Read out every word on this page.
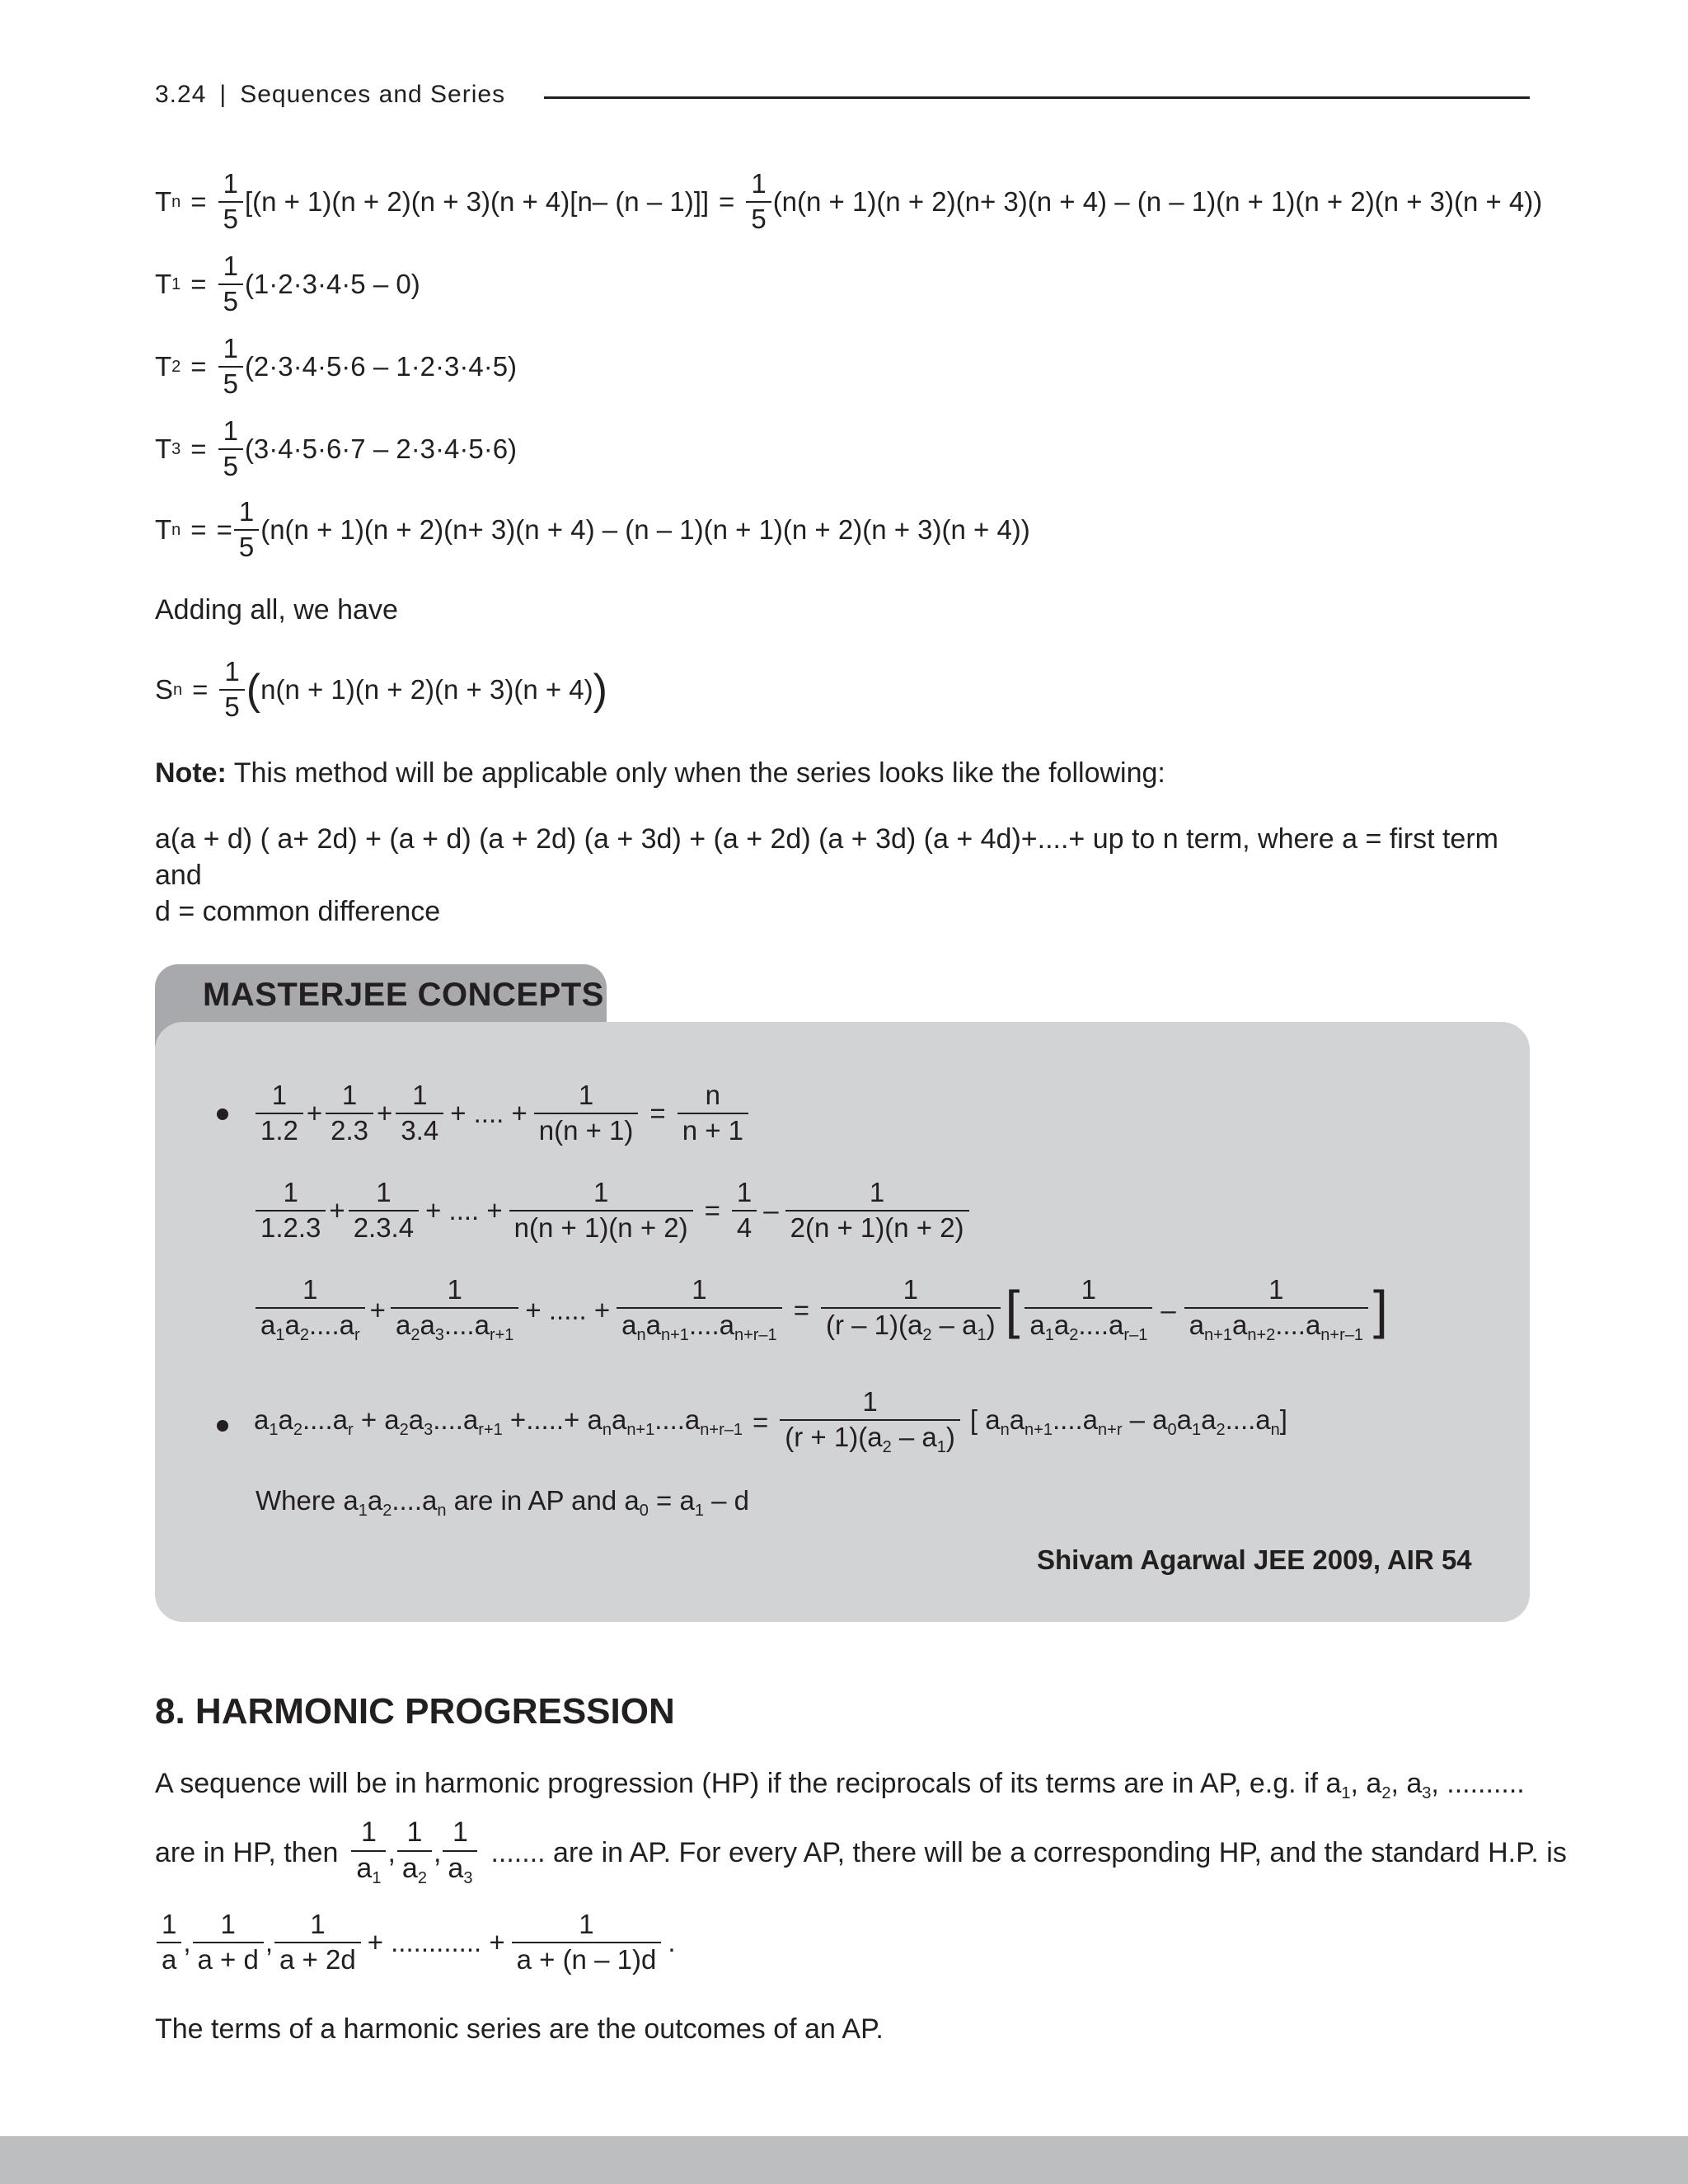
3.24 | Sequences and Series
T $n = \frac{1}{5} [(n + 1)(n + 2)(n + 3)(n + 4)[n-$ $(n - 1)]] = \frac{1}{5} (n(n + 1)(n + 2)(n+ 3)(n + 4) - (n - 1)(n + 1)(n + 2)(n + 3)(n + 4))$
T $1 = \frac{1}{5} (1\cdot 2\cdot 3\cdot 4\cdot 5 - 0)$
T $2 = \frac{1}{5} (2\cdot 3\cdot 4\cdot 5\cdot 6 - 1\cdot 2\cdot 3\cdot 4\cdot 5)$
T $3 = \frac{1}{5} (3\cdot 4\cdot 5\cdot 6\cdot 7 - 2\cdot 3\cdot 4\cdot 5\cdot 6)$
T n = = $\frac{1}{5} (n(n + 1)(n + 2)(n+ 3)(n + 4) - (n - 1)(n + 1)(n + 2)(n + 3)(n + 4))$
Adding all, we have
S $n = \frac{1}{5}$ ( n(n + 1)(n + 2)(n + 3)(n + 4) )
Note: This method will be applicable only when the series looks like the following:
a(a + d) ( a+ 2d) + (a + d) (a + 2d) (a + 3d) + (a + 2d) (a + 3d) (a + 4d)+....+ up to n term, where a = first term and
d = common difference
MASTERJEE CONCEPTS
$\frac{1}{1.2} + \frac{1}{2.3} + \frac{1}{3.4}$ + .... + $\frac{1}{n(n + 1)} = \frac{n}{n + 1}$
$\frac{1}{1.2.3} + \frac{1}{2.3.4}$ + .... + $\frac{1}{n(n + 1)(n + 2)} = \frac{1}{4} - \frac{1}{2(n + 1)(n + 2)}$
$\frac{1}{a_1a_2....a_r} + \frac{1}{a_2a_3....a_{r+1}}$ + ..... + $\frac{1}{a_na_{n+1}....a_{n+r-1}} = \frac{1}{(r - 1)(a_2 - a_1)}$ [ $\frac{1}{a_1a_2....a_{r-1}} - \frac{1}{a_{n+1}a_{n+2}....a_{n+r-1}}$ ]
$a_1a_2....a_r + a_2a_3....a_{r+1}$ +.....+ $a_na_{n+1}....a_{n+r-1} = \frac{1}{(r + 1)(a_2 - a_1)}$ [ $a_na_{n+1}....a_{n+r} - a_0a_1a_2....a_n$]
Where $a_1a_2....a_n$ are in AP and $a_0 = a_1 - d$
Shivam Agarwal JEE 2009, AIR 54
8. HARMONIC PROGRESSION
A sequence will be in harmonic progression (HP) if the reciprocals of its terms are in AP, e.g. if $a_1$, $a_2$, $a_3$, ..........
are in HP, then $\frac{1}{a_1}$ , $\frac{1}{a_2}$ , $\frac{1}{a_3}$ ....... are in AP. For every AP, there will be a corresponding HP, and the standard H.P. is
$\frac{1}{a}$ , $\frac{1}{a + d}$ , $\frac{1}{a + 2d}$ + ............ + $\frac{1}{a + (n - 1)d}$ .
The terms of a harmonic series are the outcomes of an AP.
